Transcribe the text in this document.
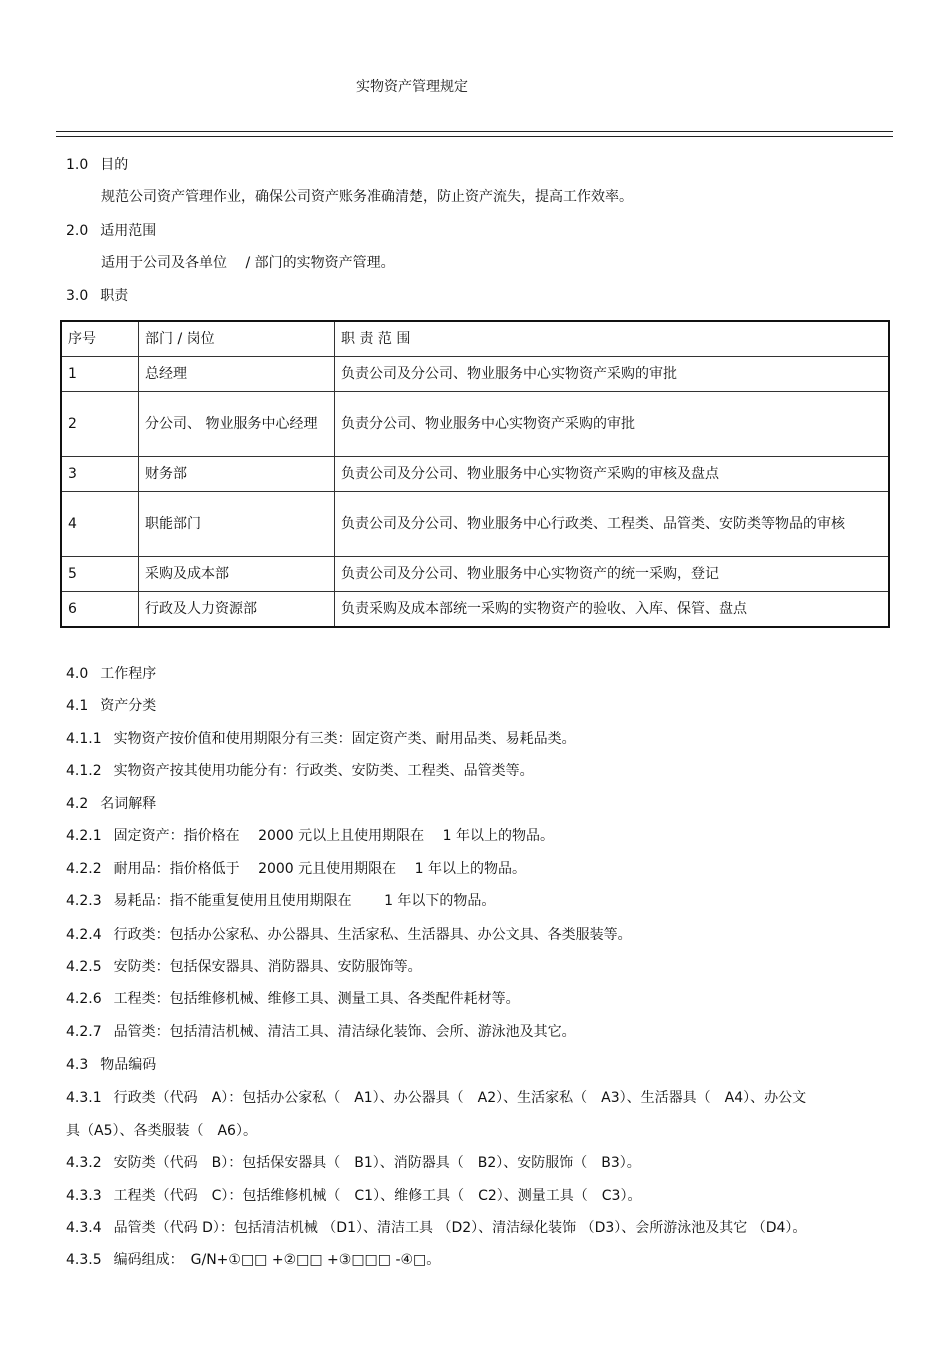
实物资产管理规定
1.0 目的
规范公司资产管理作业，确保公司资产账务准确清楚，防止资产流失，提高工作效率。
2.0 适用范围
适用于公司及各单位　 / 部门的实物资产管理。
3.0 职责
序号	部门 / 岗位	职 责 范 围
1	总经理	负责公司及分公司、物业服务中心实物资产采购的审批
2	分公司、 物业服务中心经理	负责分公司、物业服务中心实物资产采购的审批
3	财务部	负责公司及分公司、物业服务中心实物资产采购的审核及盘点
4	职能部门	负责公司及分公司、物业服务中心行政类、工程类、品管类、安防类等物品的审核

5	采购及成本部	负责公司及分公司、物业服务中心实物资产的统一采购，登记
6	行政及人力资源部	负责采购及成本部统一采购的实物资产的验收、入库、保管、盘点
4.0 工作程序
4.1 资产分类
4.1.1 实物资产按价值和使用期限分有三类：固定资产类、耐用品类、易耗品类。
4.1.2 实物资产按其使用功能分有：行政类、安防类、工程类、品管类等。
4.2 名词解释
4.2.1 固定资产：指价格在　 2000 元以上且使用期限在　 1 年以上的物品。
4.2.2 耐用品：指价格低于　 2000 元且使用期限在　 1 年以上的物品。
4.2.3 易耗品：指不能重复使用且使用期限在　　 1 年以下的物品。
4.2.4 行政类：包括办公家私、办公器具、生活家私、生活器具、办公文具、各类服装等。
4.2.5 安防类：包括保安器具、消防器具、安防服饰等。
4.2.6 工程类：包括维修机械、维修工具、测量工具、各类配件耗材等。
4.2.7 品管类：包括清洁机械、清洁工具、清洁绿化装饰、会所、游泳池及其它。
4.3 物品编码
4.3.1 行政类（代码　A）：包括办公家私（　A1）、办公器具（　A2）、生活家私（　A3）、生活器具（　A4）、办公文
具（A5）、各类服装（　A6）。
4.3.2 安防类（代码　B）：包括保安器具（　B1）、消防器具（　B2）、安防服饰（　B3）。
4.3.3 工程类（代码　C）：包括维修机械（　C1）、维修工具（　C2）、测量工具（　C3）。
4.3.4 品管类（代码 D）：包括清洁机械 （D1）、清洁工具 （D2）、清洁绿化装饰 （D3）、会所游泳池及其它 （D4）。
4.3.5 编码组成：　G/N+①□□ +②□□ +③□□□ -④□。
